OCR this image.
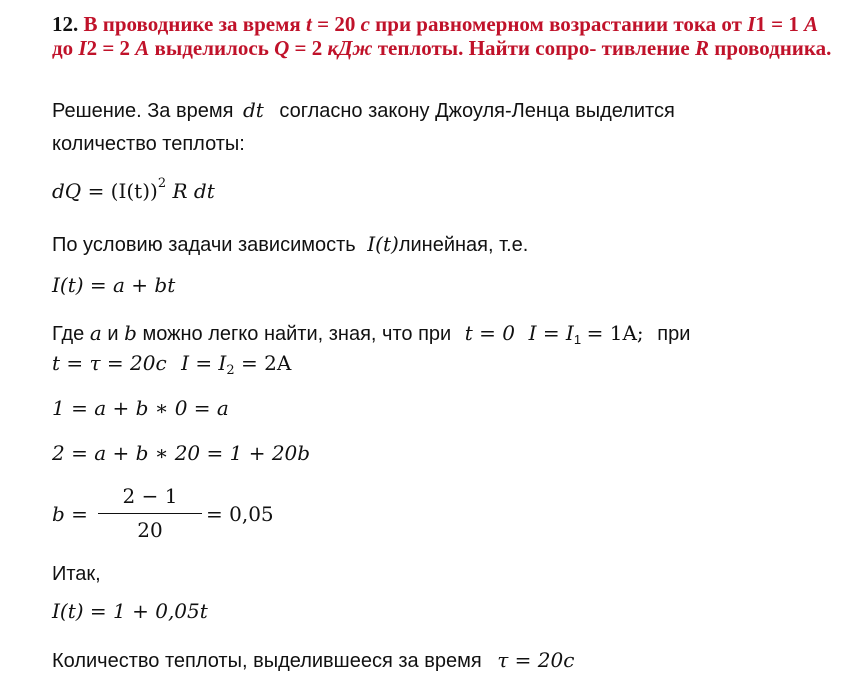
12. В проводнике за время t = 20 с при равномерном возрастании тока от I1 = 1 А до I2 = 2 А выделилось Q = 2 кДж теплоты. Найти сопро- тивление R проводника.
Решение. За время dt согласно закону Джоуля-Ленца выделится
количество теплоты:
dQ = $(I(t))^2$ R dt
По условию задачи зависимость I(t)линейная, т.е.
I(t) = a + bt
Где a и b можно легко найти, зная, что при t = 0 $I = I_1 = 1A$; при
t = τ = 20c $I = I_2 = 2A$
1 = a + b ∗ 0 = a
2 = a + b ∗ 20 = 1 + 20b
b =
2 − 1
20
= 0,05
Итак,
I(t) = 1 + 0,05t
Количество теплоты, выделившееся за время τ = 20c
